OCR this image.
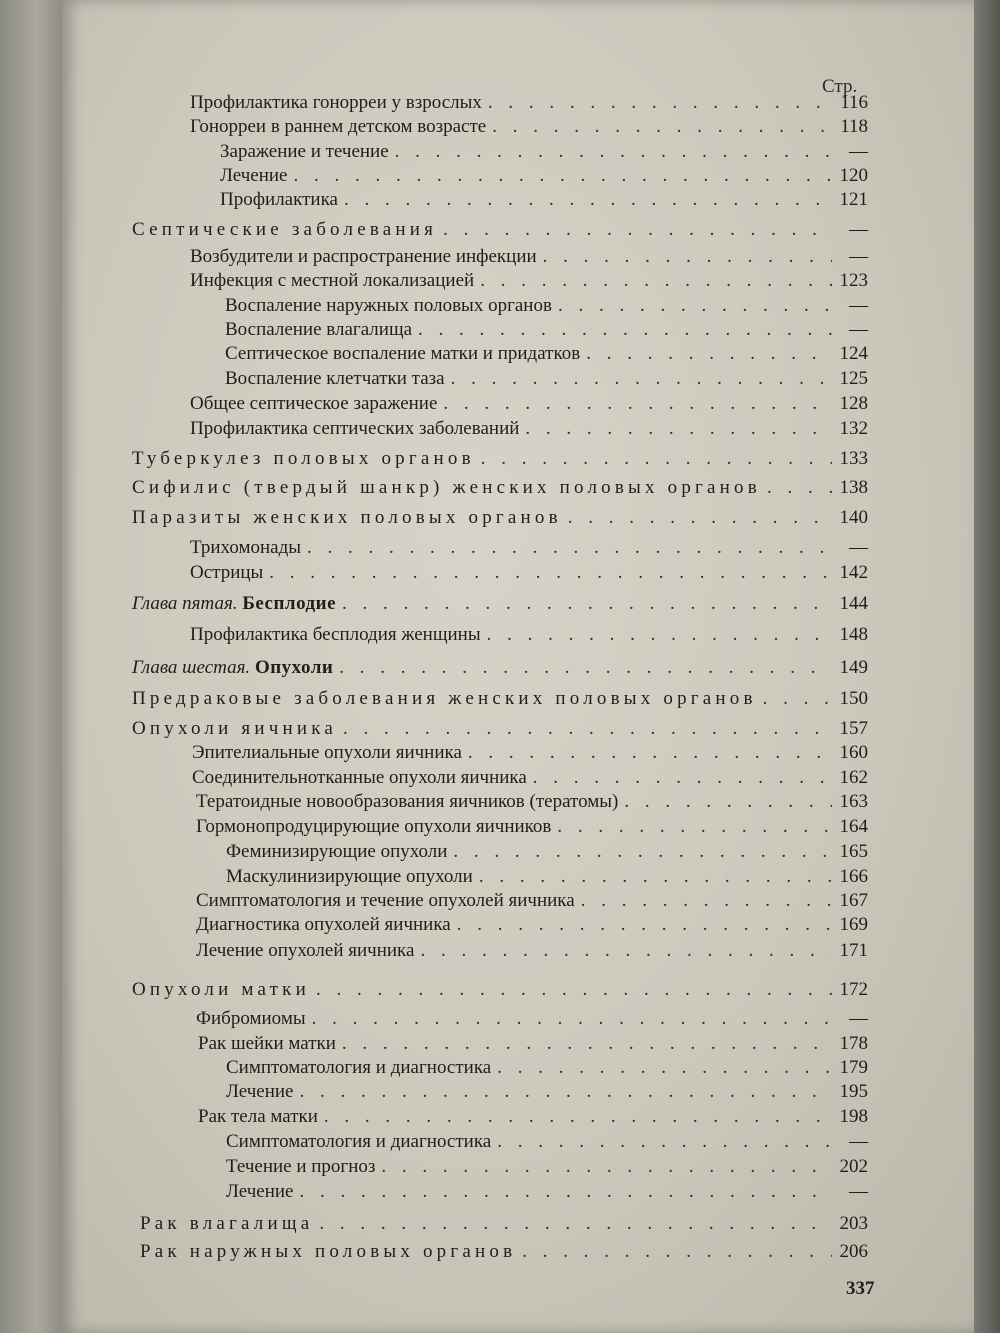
Стр.
Профилактика гонорреи у взрослых . . .	116
Гонорреи в раннем детском возрасте . . .	118
Заражение и течение . . .	—
Лечение . . .	120
Профилактика . . .	121
Септические заболевания . . .	—
Возбудители и распространение инфекции . . .	—
Инфекция с местной локализацией . . .	123
Воспаление наружных половых органов . . .	—
Воспаление влагалища . . .	—
Септическое воспаление матки и придатков . . .	124
Воспаление клетчатки таза . . .	125
Общее септическое заражение . . .	128
Профилактика септических заболеваний . . .	132
Туберкулез половых органов . . .	133
Сифилис (твердый шанкр) женских половых органов . . .	138
Паразиты женских половых органов . . .	140
Трихомонады . . .	—
Острицы . . .	142
Глава пятая. Бесплодие . . .	144
Профилактика бесплодия женщины . . .	148
Глава шестая. Опухоли . . .	149
Предраковые заболевания женских половых органов . . .	150
Опухоли яичника . . .	157
Эпителиальные опухоли яичника . . .	160
Соединительнотканные опухоли яичника . . .	162
Тератоидные новообразования яичников (тератомы) . . .	163
Гормонопродуцирующие опухоли яичников . . .	164
Феминизирующие опухоли . . .	165
Маскулинизирующие опухоли . . .	166
Симптоматология и течение опухолей яичника . . .	167
Диагностика опухолей яичника . . .	169
Лечение опухолей яичника . . .	171
Опухоли матки . . .	172
Фибромиомы . . .	—
Рак шейки матки . . .	178
Симптоматология и диагностика . . .	179
Лечение . . .	195
Рак тела матки . . .	198
Симптоматология и диагностика . . .	—
Течение и прогноз . . .	202
Лечение . . .	—
Рак влагалища . . .	203
Рак наружных половых органов . . .	206
337
